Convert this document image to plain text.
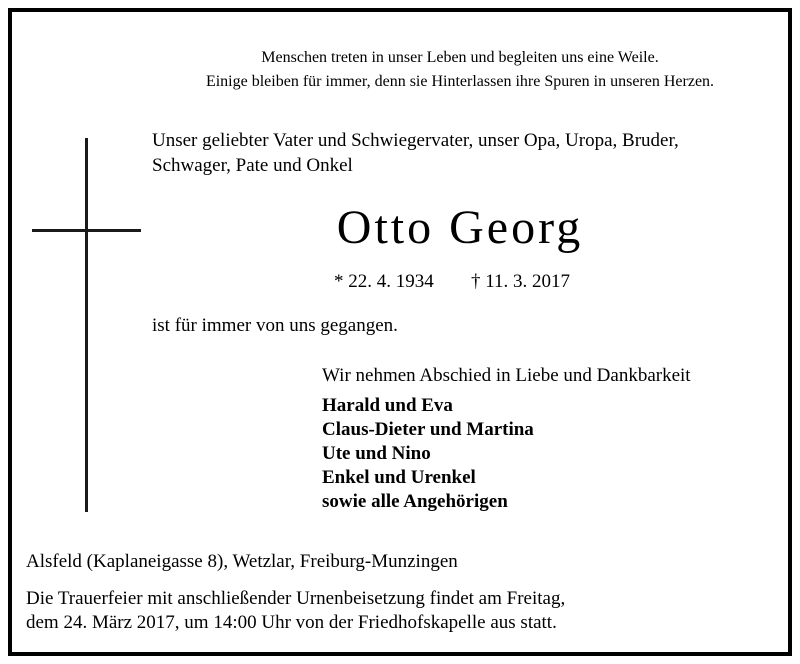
Menschen treten in unser Leben und begleiten uns eine Weile.
Einige bleiben für immer, denn sie Hinterlassen ihre Spuren in unseren Herzen.
Unser geliebter Vater und Schwiegervater, unser Opa, Uropa, Bruder,
Schwager, Pate und Onkel
Otto Georg
* 22. 4. 1934 † 11. 3. 2017
ist für immer von uns gegangen.
Wir nehmen Abschied in Liebe und Dankbarkeit
Harald und Eva
Claus-Dieter und Martina
Ute und Nino
Enkel und Urenkel
sowie alle Angehörigen
Alsfeld (Kaplaneigasse 8), Wetzlar, Freiburg-Munzingen
Die Trauerfeier mit anschließender Urnenbeisetzung findet am Freitag,
dem 24. März 2017, um 14:00 Uhr von der Friedhofskapelle aus statt.
